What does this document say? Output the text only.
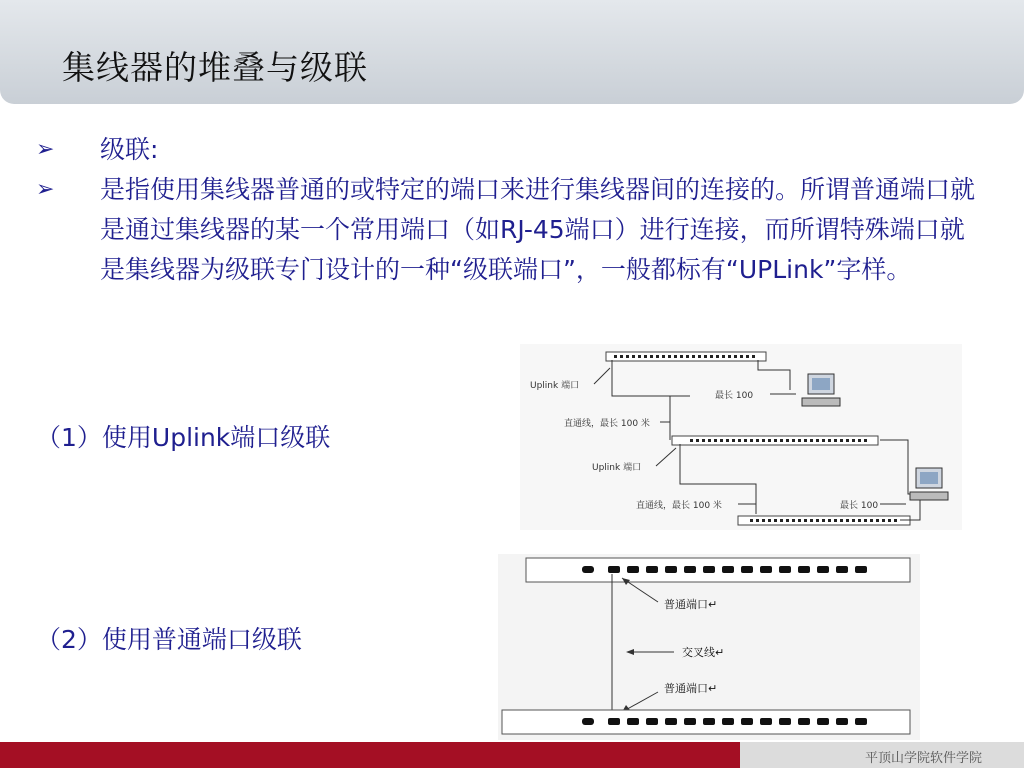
集线器的堆叠与级联
➢	级联:
➢	是指使用集线器普通的或特定的端口来进行集线器间的连接的。所谓普通端口就是通过集线器的某一个常用端口（如RJ-45端口）进行连接，而所谓特殊端口就是集线器为级联专门设计的一种“级联端口”，一般都标有“UPLink”字样。
（1）使用Uplink端口级联
（2）使用普通端口级联
Uplink 端口
最长 100
直通线，最长 100 米
Uplink 端口
直通线，最长 100 米	最长 100
普通端口↵
交叉线↵
普通端口↵
平顶山学院软件学院
